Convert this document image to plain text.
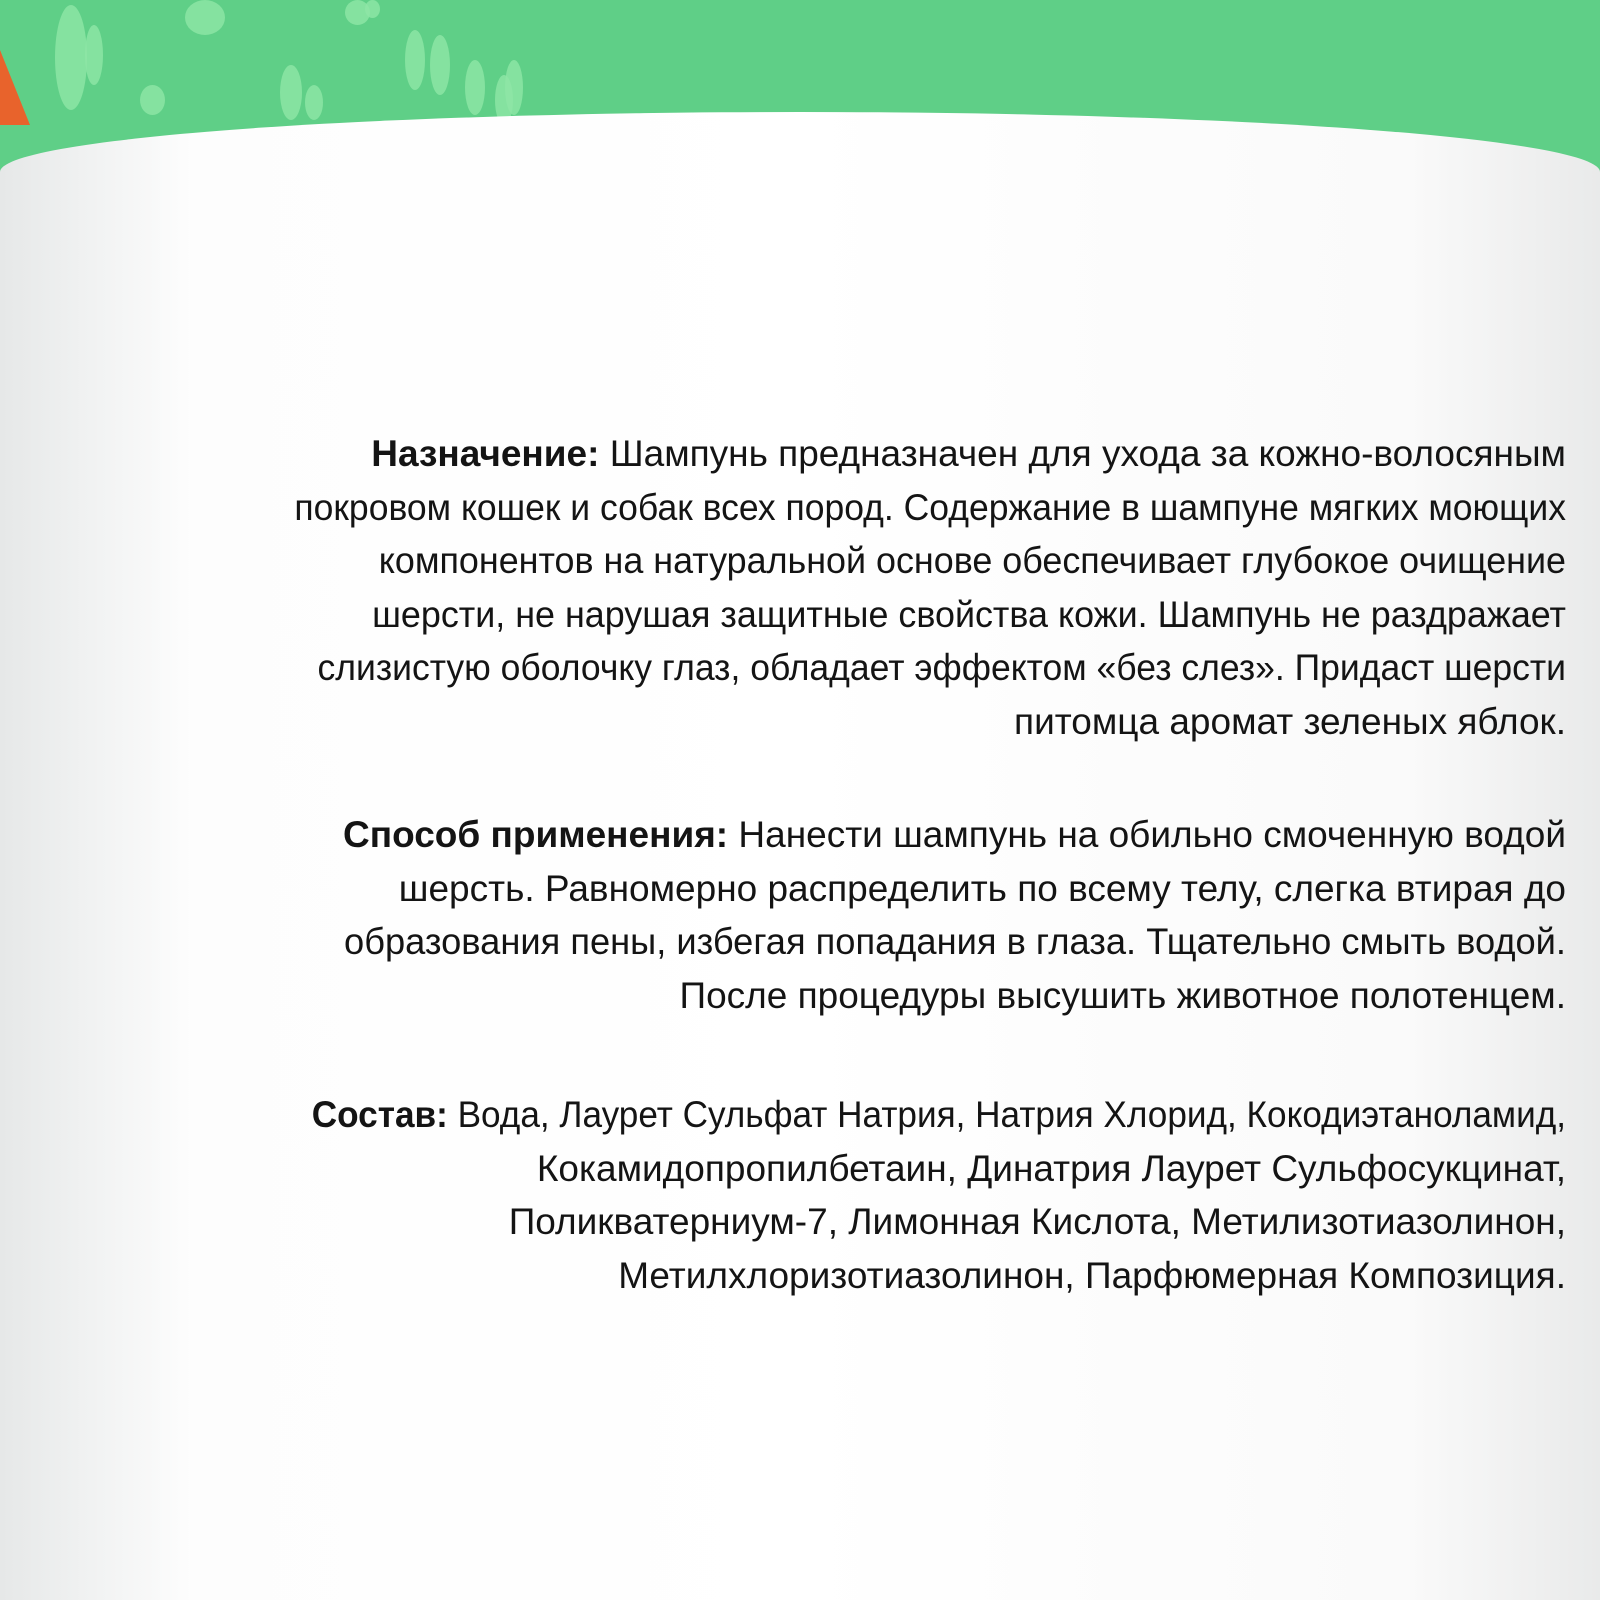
Назначение: Шампунь предназначен для ухода за кожно-волосяным
покровом кошек и собак всех пород. Содержание в шампуне мягких моющих
компонентов на натуральной основе обеспечивает глубокое очищение
шерсти, не нарушая защитные свойства кожи. Шампунь не раздражает
слизистую оболочку глаз, обладает эффектом «без слез». Придаст шерсти
питомца аромат зеленых яблок.
Способ применения: Нанести шампунь на обильно смоченную водой
шерсть. Равномерно распределить по всему телу, слегка втирая до
образования пены, избегая попадания в глаза. Тщательно смыть водой.
После процедуры высушить животное полотенцем.
Состав: Вода, Лаурет Сульфат Натрия, Натрия Хлорид, Кокодиэтаноламид,
Кокамидопропилбетаин, Динатрия Лаурет Сульфосукцинат,
Поликватерниум-7, Лимонная Кислота, Метилизотиазолинон,
Метилхлоризотиазолинон, Парфюмерная Композиция.
